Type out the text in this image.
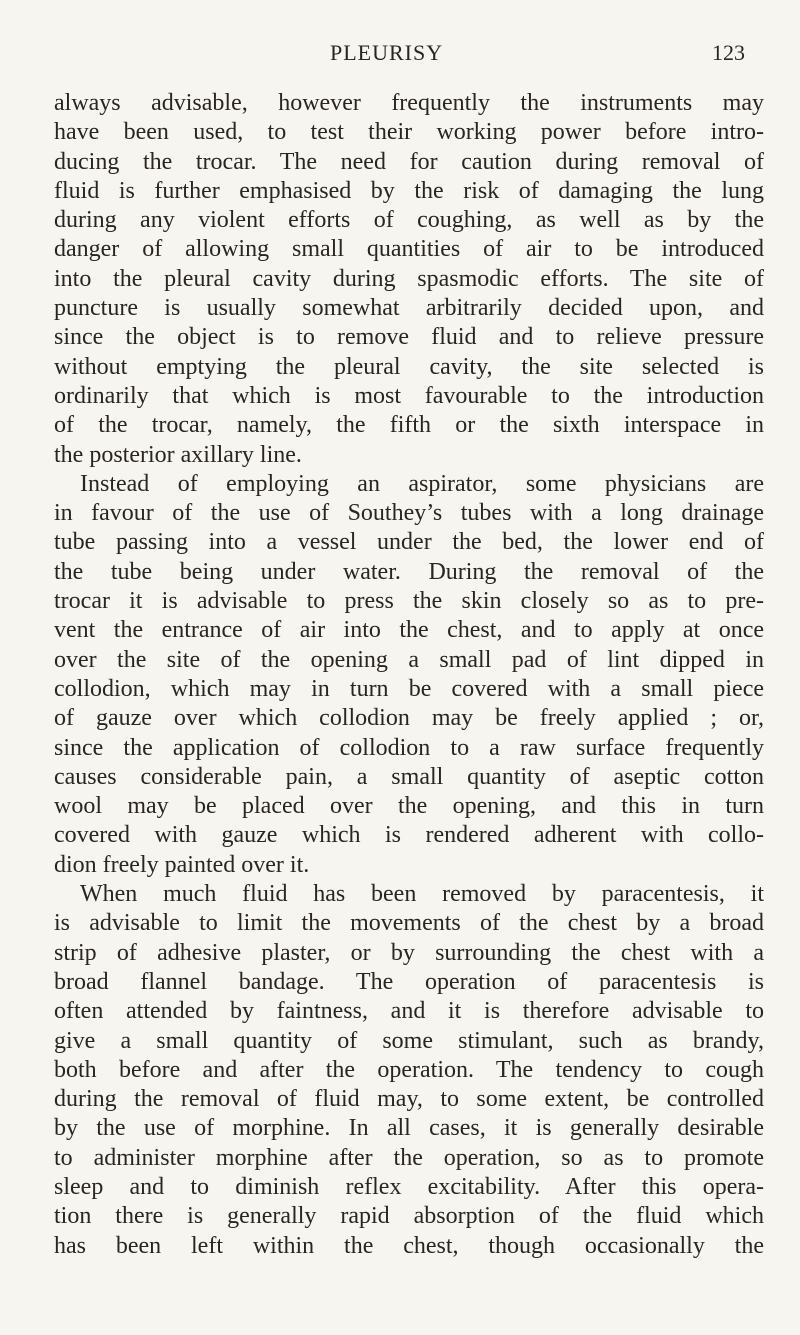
PLEURISY	123
always advisable, however frequently the instruments may
have been used, to test their working power before intro-
ducing the trocar. The need for caution during removal of
fluid is further emphasised by the risk of damaging the lung
during any violent efforts of coughing, as well as by the
danger of allowing small quantities of air to be introduced
into the pleural cavity during spasmodic efforts. The site of
puncture is usually somewhat arbitrarily decided upon, and
since the object is to remove fluid and to relieve pressure
without emptying the pleural cavity, the site selected is
ordinarily that which is most favourable to the introduction
of the trocar, namely, the fifth or the sixth interspace in
the posterior axillary line.
Instead of employing an aspirator, some physicians are
in favour of the use of Southey’s tubes with a long drainage
tube passing into a vessel under the bed, the lower end of
the tube being under water. During the removal of the
trocar it is advisable to press the skin closely so as to pre-
vent the entrance of air into the chest, and to apply at once
over the site of the opening a small pad of lint dipped in
collodion, which may in turn be covered with a small piece
of gauze over which collodion may be freely applied ; or,
since the application of collodion to a raw surface frequently
causes considerable pain, a small quantity of aseptic cotton
wool may be placed over the opening, and this in turn
covered with gauze which is rendered adherent with collo-
dion freely painted over it.
When much fluid has been removed by paracentesis, it
is advisable to limit the movements of the chest by a broad
strip of adhesive plaster, or by surrounding the chest with a
broad flannel bandage. The operation of paracentesis is
often attended by faintness, and it is therefore advisable to
give a small quantity of some stimulant, such as brandy,
both before and after the operation. The tendency to cough
during the removal of fluid may, to some extent, be controlled
by the use of morphine. In all cases, it is generally desirable
to administer morphine after the operation, so as to promote
sleep and to diminish reflex excitability. After this opera-
tion there is generally rapid absorption of the fluid which
has been left within the chest, though occasionally the
